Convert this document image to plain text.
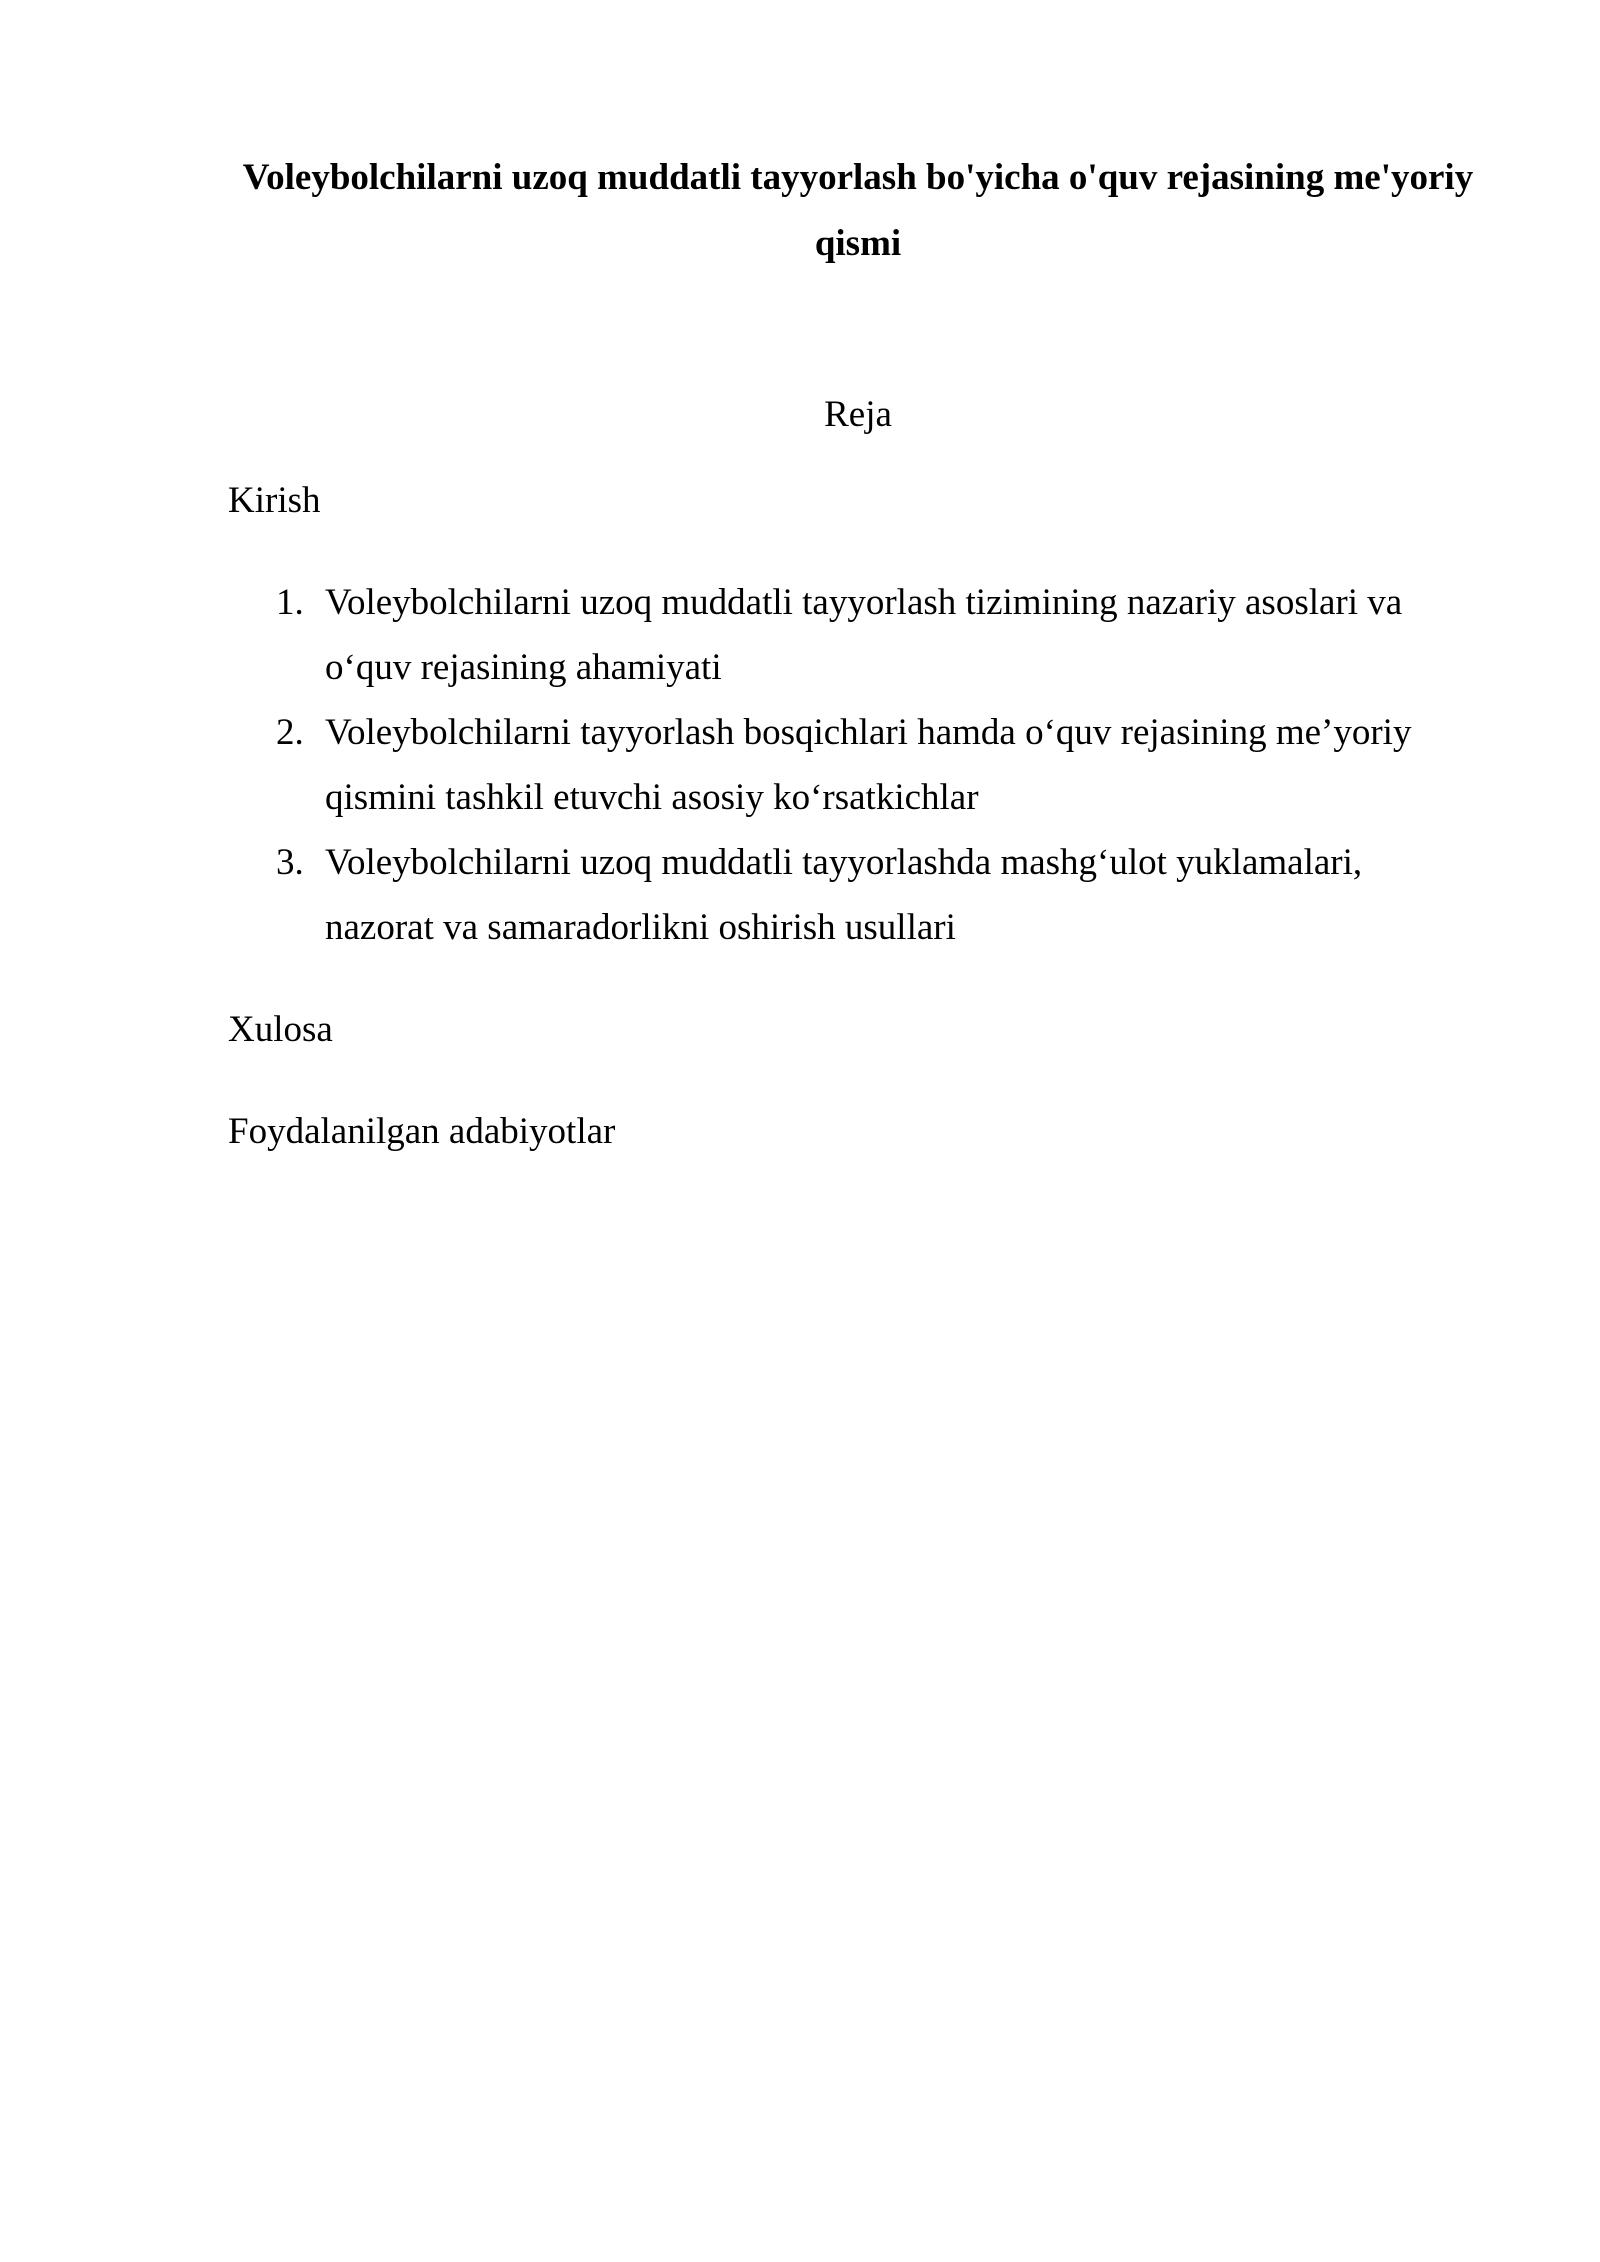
Voleybolchilarni uzoq muddatli tayyorlash bo'yicha o'quv rejasining me'yoriy qismi

Reja

Kirish

1. Voleybolchilarni uzoq muddatli tayyorlash tizimining nazariy asoslari va o‘quv rejasining ahamiyati
2. Voleybolchilarni tayyorlash bosqichlari hamda o‘quv rejasining me’yoriy qismini tashkil etuvchi asosiy ko‘rsatkichlar
3. Voleybolchilarni uzoq muddatli tayyorlashda mashg‘ulot yuklamalari, nazorat va samaradorlikni oshirish usullari

Xulosa

Foydalanilgan adabiyotlar
